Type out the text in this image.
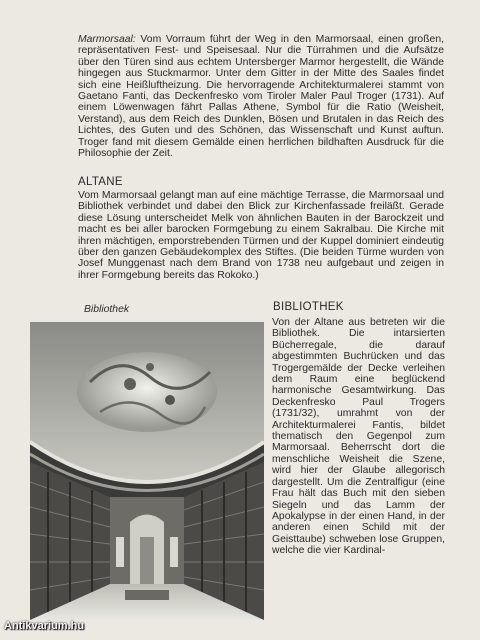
Marmorsaal: Vom Vorraum führt der Weg in den Marmorsaal, einen großen, repräsentativen Fest- und Speisesaal. Nur die Türrahmen und die Aufsätze über den Türen sind aus echtem Untersberger Marmor hergestellt, die Wände hingegen aus Stuckmarmor. Unter dem Gitter in der Mitte des Saales findet sich eine Heißluftheizung. Die hervorragende Architekturmalerei stammt von Gaetano Fanti, das Deckenfresko vom Tiroler Maler Paul Troger (1731). Auf einem Löwenwagen fährt Pallas Athene, Symbol für die Ratio (Weisheit, Verstand), aus dem Reich des Dunklen, Bösen und Brutalen in das Reich des Lichtes, des Guten und des Schönen, das Wissenschaft und Kunst auftun. Troger fand mit diesem Gemälde einen herrlichen bildhaften Ausdruck für die Philosophie der Zeit.

ALTANE

Vom Marmorsaal gelangt man auf eine mächtige Terrasse, die Marmorsaal und Bibliothek verbindet und dabei den Blick zur Kirchenfassade freiläßt. Gerade diese Lösung unterscheidet Melk von ähnlichen Bauten in der Barockzeit und macht es bei aller barocken Formgebung zu einem Sakralbau. Die Kirche mit ihren mächtigen, emporstrebenden Türmen und der Kuppel dominiert eindeutig über den ganzen Gebäudekomplex des Stiftes. (Die beiden Türme wurden von Josef Munggenast nach dem Brand von 1738 neu aufgebaut und zeigen in ihrer Formgebung bereits das Rokoko.)

Bibliothek	BIBLIOTHEK

Von der Altane aus betreten wir die Bibliothek. Die intarsierten Bücherregale, die darauf abgestimmten Buchrücken und das Trogergemälde der Decke verleihen dem Raum eine beglückend harmonische Gesamtwirkung. Das Deckenfresko Paul Trogers (1731/32), umrahmt von der Architekturmalerei Fantis, bildet thematisch den Gegenpol zum Marmorsaal. Beherrscht dort die menschliche Weisheit die Szene, wird hier der Glaube allegorisch dargestellt. Um die Zentralfigur (eine Frau hält das Buch mit den sieben Siegeln und das Lamm der Apokalypse in der einen Hand, in der anderen einen Schild mit der Geisttaube) schweben lose Gruppen, welche die vier Kardinal-

Antikvarium.hu
